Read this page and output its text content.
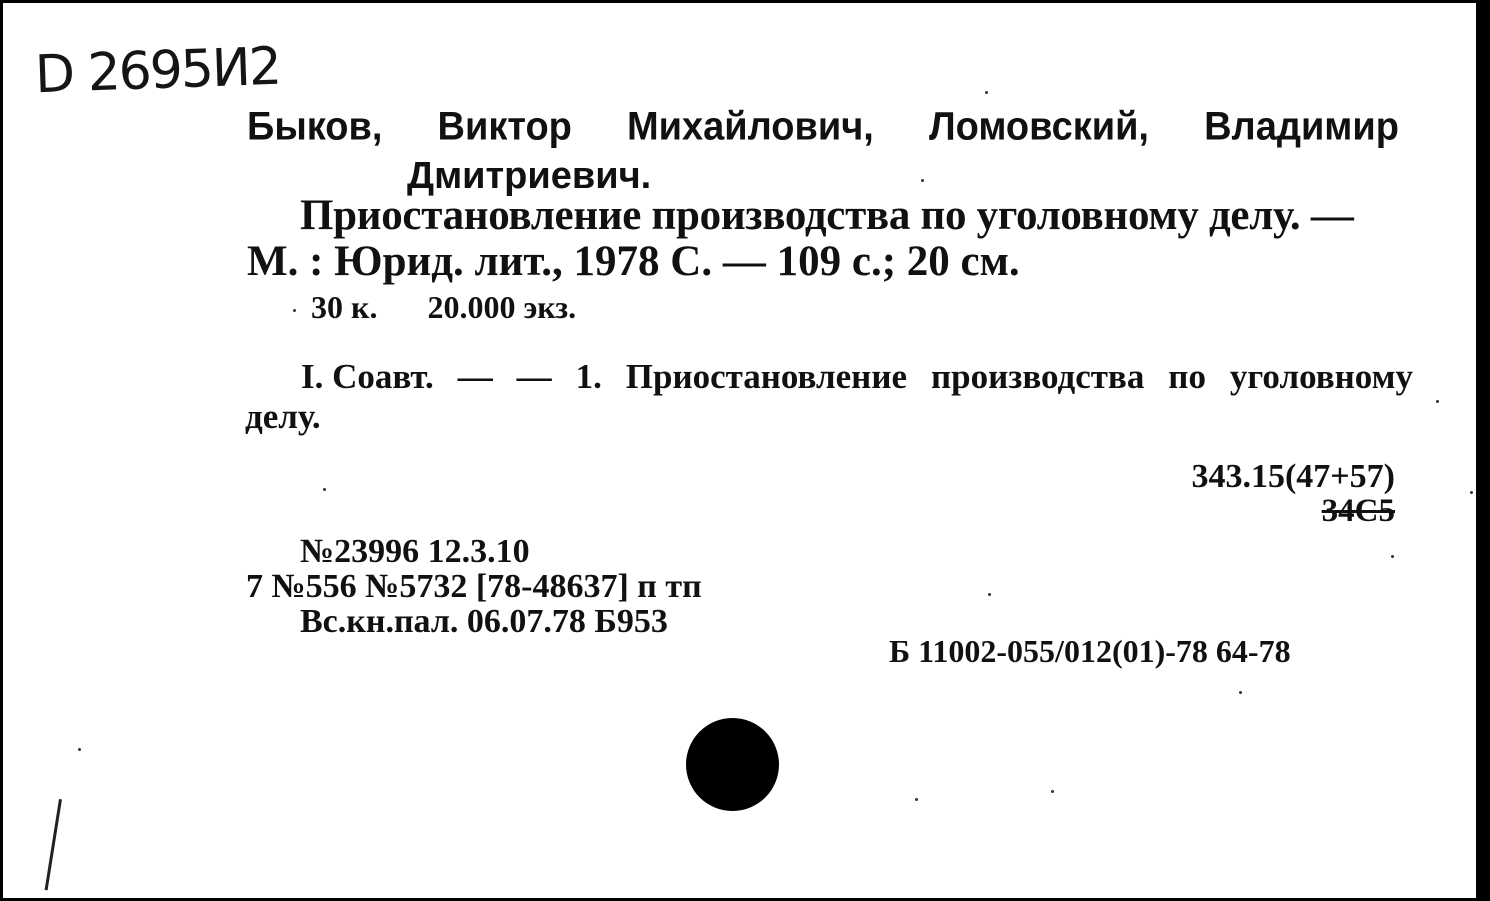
D 2695И2
Быков, Виктор Михайлович, Ломовский, Владимир
Дмитриевич.
Приостановление производства по уголовному делу. —
М. : Юрид. лит., 1978 С. — 109 с.; 20 см.
30 к. 20.000 экз.
I. Соавт. — — 1. Приостановление производства по уголовному
делу.
343.15(47+57)
34С5
№23996 12.3.10
7 №556 №5732 [78-48637] п тп
Вс.кн.пал. 06.07.78 Б953
Б 11002-055/012(01)-78 64-78
